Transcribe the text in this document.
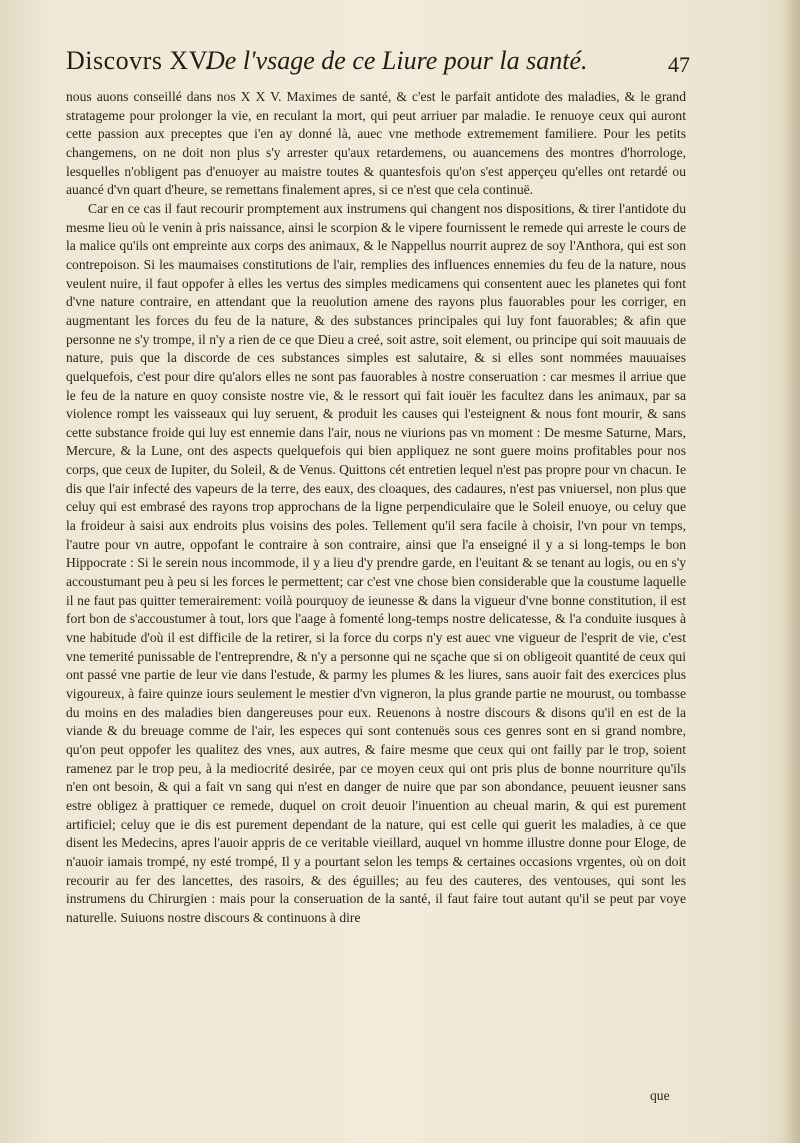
Discovrs XV.
De l'vsage de ce Liure pour la santé.	47

nous auons conseillé dans nos X X V. Maximes de santé, & c'est le parfait antidote des maladies, & le grand stratageme pour prolonger la vie, en reculant la mort, qui peut arriuer par maladie. Ie renuoye ceux qui auront cette passion aux preceptes que i'en ay donné là, auec vne methode extremement familiere. Pour les petits changemens, on ne doit non plus s'y arrester qu'aux retardemens, ou auancemens des montres d'horrologe, lesquelles n'obligent pas d'enuoyer au maistre toutes & quantesfois qu'on s'est apperçeu qu'elles ont retardé ou auancé d'vn quart d'heure, se remettans finalement apres, si ce n'est que cela continuë.

Car en ce cas il faut recourir promptement aux instrumens qui changent nos dispositions, & tirer l'antidote du mesme lieu où le venin à pris naissance, ainsi le scorpion & le vipere fournissent le remede qui arreste le cours de la malice qu'ils ont empreinte aux corps des animaux, & le Nappellus nourrit auprez de soy l'Anthora, qui est son contrepoison. Si les maumaises constitutions de l'air, remplies des influences ennemies du feu de la nature, nous veulent nuire, il faut oppofer à elles les vertus des simples medicamens qui consentent auec les planetes qui font d'vne nature contraire, en attendant que la reuolution amene des rayons plus fauorables pour les corriger, en augmentant les forces du feu de la nature, & des substances principales qui luy font fauorables; & afin que personne ne s'y trompe, il n'y a rien de ce que Dieu a creé, soit astre, soit element, ou principe qui soit mauuais de nature, puis que la discorde de ces substances simples est salutaire, & si elles sont nommées mauuaises quelquefois, c'est pour dire qu'alors elles ne sont pas fauorables à nostre conseruation : car mesmes il arriue que le feu de la nature en quoy consiste nostre vie, & le ressort qui fait iouër les facultez dans les animaux, par sa violence rompt les vaisseaux qui luy seruent, & produit les causes qui l'esteignent & nous font mourir, & sans cette substance froide qui luy est ennemie dans l'air, nous ne viurions pas vn moment : De mesme Saturne, Mars, Mercure, & la Lune, ont des aspects quelquefois qui bien appliquez ne sont guere moins profitables pour nos corps, que ceux de Iupiter, du Soleil, & de Venus. Quittons cét entretien lequel n'est pas propre pour vn chacun. Ie dis que l'air infecté des vapeurs de la terre, des eaux, des cloaques, des cadaures, n'est pas vniuersel, non plus que celuy qui est embrasé des rayons trop approchans de la ligne perpendiculaire que le Soleil enuoye, ou celuy que la froideur à saisi aux endroits plus voisins des poles. Tellement qu'il sera facile à choisir, l'vn pour vn temps, l'autre pour vn autre, oppofant le contraire à son contraire, ainsi que l'a enseigné il y a si long-temps le bon Hippocrate : Si le serein nous incommode, il y a lieu d'y prendre garde, en l'euitant & se tenant au logis, ou en s'y accoustumant peu à peu si les forces le permettent; car c'est vne chose bien considerable que la coustume laquelle il ne faut pas quitter temerairement: voilà pourquoy de ieunesse & dans la vigueur d'vne bonne constitution, il est fort bon de s'accoustumer à tout, lors que l'aage à fomenté long-temps nostre delicatesse, & l'a conduite iusques à vne habitude d'où il est difficile de la retirer, si la force du corps n'y est auec vne vigueur de l'esprit de vie, c'est vne temerité punissable de l'entreprendre, & n'y a personne qui ne sçache que si on obligeoit quantité de ceux qui ont passé vne partie de leur vie dans l'estude, & parmy les plumes & les liures, sans auoir fait des exercices plus vigoureux, à faire quinze iours seulement le mestier d'vn vigneron, la plus grande partie ne mourust, ou tombasse du moins en des maladies bien dangereuses pour eux. Reuenons à nostre discours & disons qu'il en est de la viande & du breuage comme de l'air, les especes qui sont contenuës sous ces genres sont en si grand nombre, qu'on peut oppofer les qualitez des vnes, aux autres, & faire mesme que ceux qui ont failly par le trop, soient ramenez par le trop peu, à la mediocrité desirée, par ce moyen ceux qui ont pris plus de bonne nourriture qu'ils n'en ont besoin, & qui a fait vn sang qui n'est en danger de nuire que par son abondance, peuuent ieusner sans estre obligez à prattiquer ce remede, duquel on croit deuoir l'inuention au cheual marin, & qui est purement artificiel; celuy que ie dis est purement dependant de la nature, qui est celle qui guerit les maladies, à ce que disent les Medecins, apres l'auoir appris de ce veritable vieillard, auquel vn homme illustre donne pour Eloge, de n'auoir iamais trompé, ny esté trompé, Il y a pourtant selon les temps & certaines occasions vrgentes, où on doit recourir au fer des lancettes, des rasoirs, & des éguilles; au feu des cauteres, des ventouses, qui sont les instrumens du Chirurgien : mais pour la conseruation de la santé, il faut faire tout autant qu'il se peut par voye naturelle. Suiuons nostre discours & continuons à dire

que
